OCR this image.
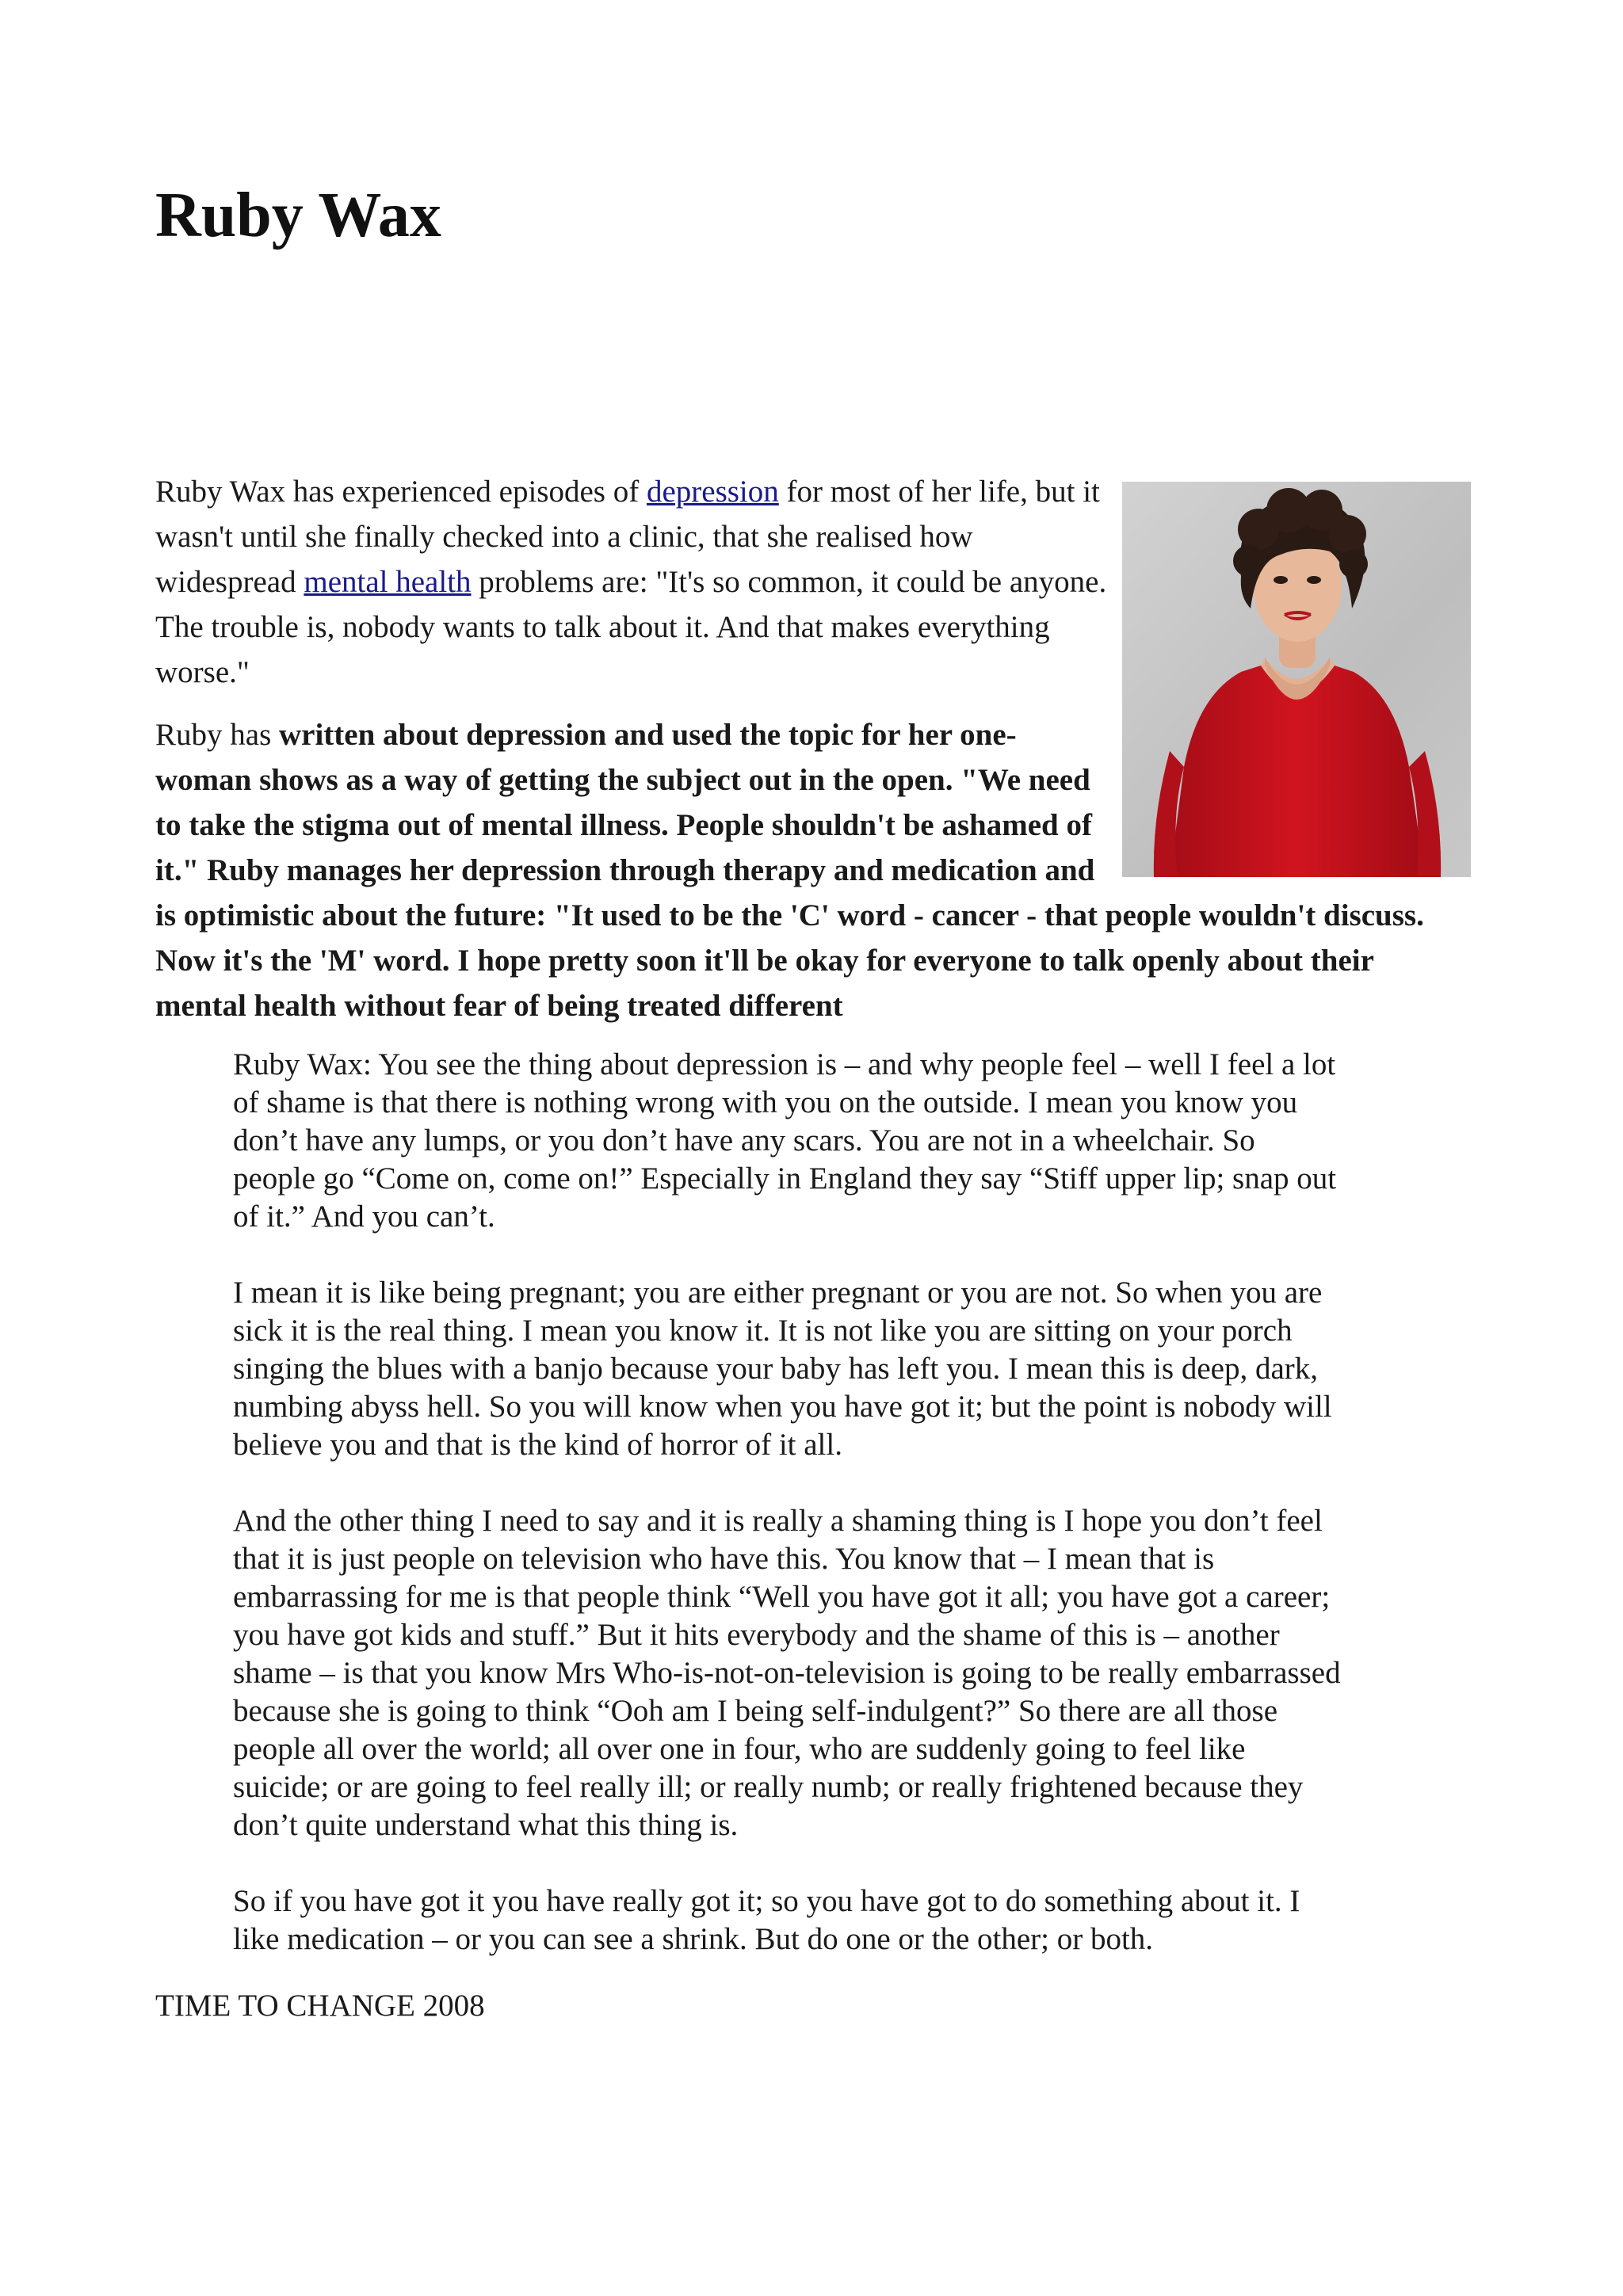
Ruby Wax

Ruby Wax has experienced episodes of depression for most of her life, but it wasn't until she finally checked into a clinic, that she realised how widespread mental health problems are: "It's so common, it could be anyone. The trouble is, nobody wants to talk about it. And that makes everything worse."

Ruby has written about depression and used the topic for her one-woman shows as a way of getting the subject out in the open. "We need to take the stigma out of mental illness. People shouldn't be ashamed of it." Ruby manages her depression through therapy and medication and is optimistic about the future: "It used to be the 'C' word - cancer - that people wouldn't discuss. Now it's the 'M' word. I hope pretty soon it'll be okay for everyone to talk openly about their mental health without fear of being treated different

Ruby Wax: You see the thing about depression is – and why people feel – well I feel a lot of shame is that there is nothing wrong with you on the outside. I mean you know you don’t have any lumps, or you don’t have any scars. You are not in a wheelchair. So people go “Come on, come on!” Especially in England they say “Stiff upper lip; snap out of it.” And you can’t.

I mean it is like being pregnant; you are either pregnant or you are not. So when you are sick it is the real thing. I mean you know it. It is not like you are sitting on your porch singing the blues with a banjo because your baby has left you. I mean this is deep, dark, numbing abyss hell. So you will know when you have got it; but the point is nobody will believe you and that is the kind of horror of it all.

And the other thing I need to say and it is really a shaming thing is I hope you don’t feel that it is just people on television who have this. You know that – I mean that is embarrassing for me is that people think “Well you have got it all; you have got a career; you have got kids and stuff.” But it hits everybody and the shame of this is – another shame – is that you know Mrs Who-is-not-on-television is going to be really embarrassed because she is going to think “Ooh am I being self-indulgent?” So there are all those people all over the world; all over one in four, who are suddenly going to feel like suicide; or are going to feel really ill; or really numb; or really frightened because they don’t quite understand what this thing is.

So if you have got it you have really got it; so you have got to do something about it. I like medication – or you can see a shrink. But do one or the other; or both.

TIME TO CHANGE 2008
